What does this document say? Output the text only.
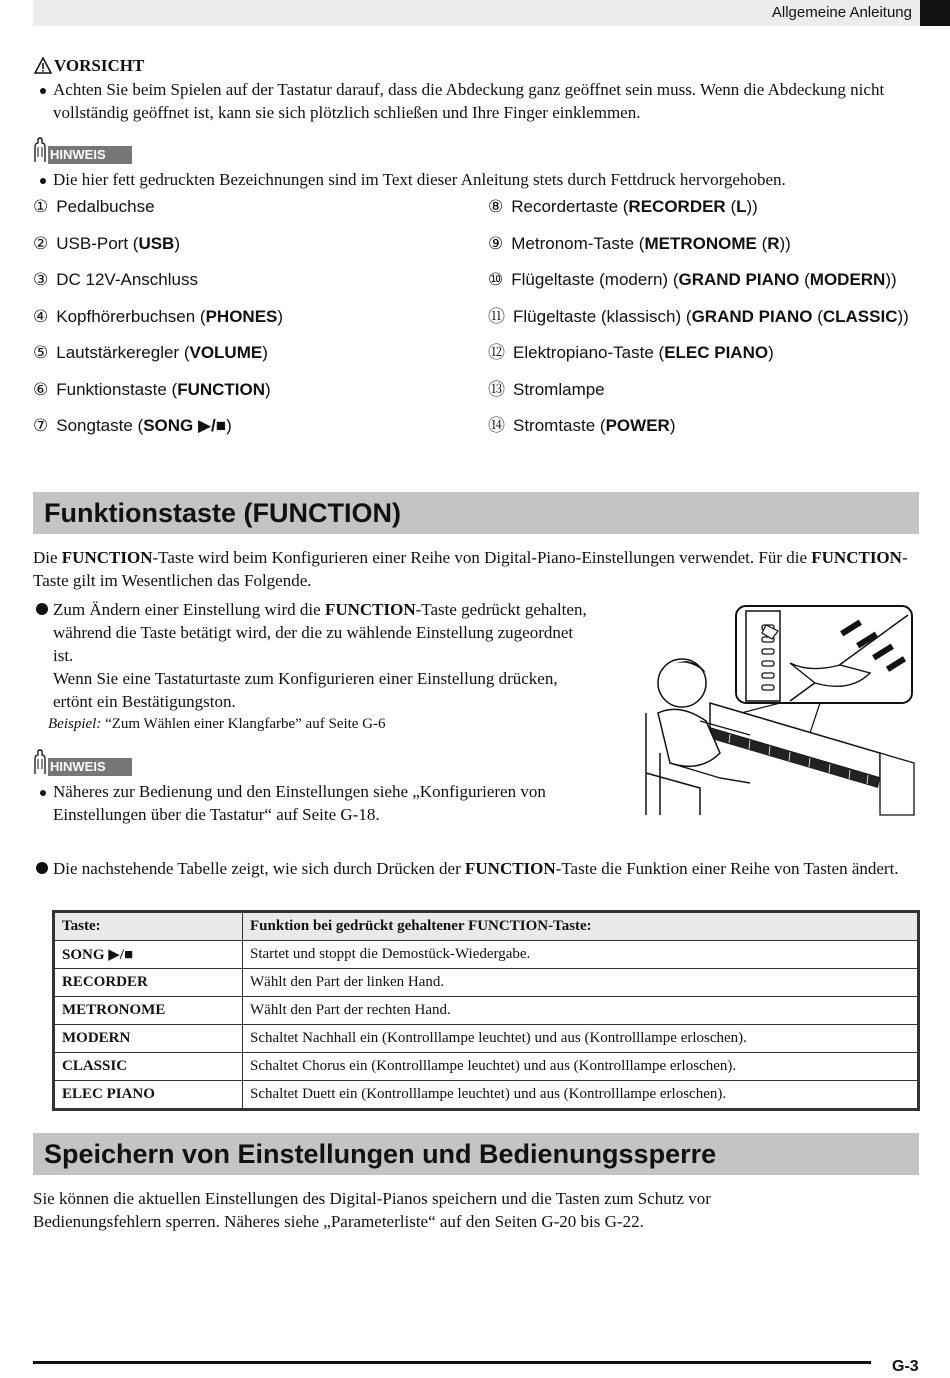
Allgemeine Anleitung
VORSICHT
Achten Sie beim Spielen auf der Tastatur darauf, dass die Abdeckung ganz geöffnet sein muss. Wenn die Abdeckung nicht vollständig geöffnet ist, kann sie sich plötzlich schließen und Ihre Finger einklemmen.
HINWEIS
Die hier fett gedruckten Bezeichnungen sind im Text dieser Anleitung stets durch Fettdruck hervorgehoben.
① Pedalbuchse
② USB-Port (USB)
③ DC 12V-Anschluss
④ Kopfhörerbuchsen (PHONES)
⑤ Lautstärkeregler (VOLUME)
⑥ Funktionstaste (FUNCTION)
⑦ Songtaste (SONG ▶/■)
⑧ Recordertaste (RECORDER (L))
⑨ Metronom-Taste (METRONOME (R))
⑩ Flügeltaste (modern) (GRAND PIANO (MODERN))
⑪ Flügeltaste (klassisch) (GRAND PIANO (CLASSIC))
⑫ Elektropiano-Taste (ELEC PIANO)
⑬ Stromlampe
⑭ Stromtaste (POWER)
Funktionstaste (FUNCTION)
Die FUNCTION-Taste wird beim Konfigurieren einer Reihe von Digital-Piano-Einstellungen verwendet. Für die FUNCTION-Taste gilt im Wesentlichen das Folgende.
Zum Ändern einer Einstellung wird die FUNCTION-Taste gedrückt gehalten, während die Taste betätigt wird, der die zu wählende Einstellung zugeordnet ist.
Wenn Sie eine Tastaturtaste zum Konfigurieren einer Einstellung drücken, ertönt ein Bestätigungston.
Beispiel: “Zum Wählen einer Klangfarbe” auf Seite G-6
HINWEIS
Näheres zur Bedienung und den Einstellungen siehe „Konfigurieren von Einstellungen über die Tastatur“ auf Seite G-18.
Die nachstehende Tabelle zeigt, wie sich durch Drücken der FUNCTION-Taste die Funktion einer Reihe von Tasten ändert.
Taste:	Funktion bei gedrückt gehaltener FUNCTION-Taste:
SONG ▶/■	Startet und stoppt die Demostück-Wiedergabe.
RECORDER	Wählt den Part der linken Hand.
METRONOME	Wählt den Part der rechten Hand.
MODERN	Schaltet Nachhall ein (Kontrolllampe leuchtet) und aus (Kontrolllampe erloschen).
CLASSIC	Schaltet Chorus ein (Kontrolllampe leuchtet) und aus (Kontrolllampe erloschen).
ELEC PIANO	Schaltet Duett ein (Kontrolllampe leuchtet) und aus (Kontrolllampe erloschen).
Speichern von Einstellungen und Bedienungssperre
Sie können die aktuellen Einstellungen des Digital-Pianos speichern und die Tasten zum Schutz vor Bedienungsfehlern sperren. Näheres siehe „Parameterliste“ auf den Seiten G-20 bis G-22.
G-3
